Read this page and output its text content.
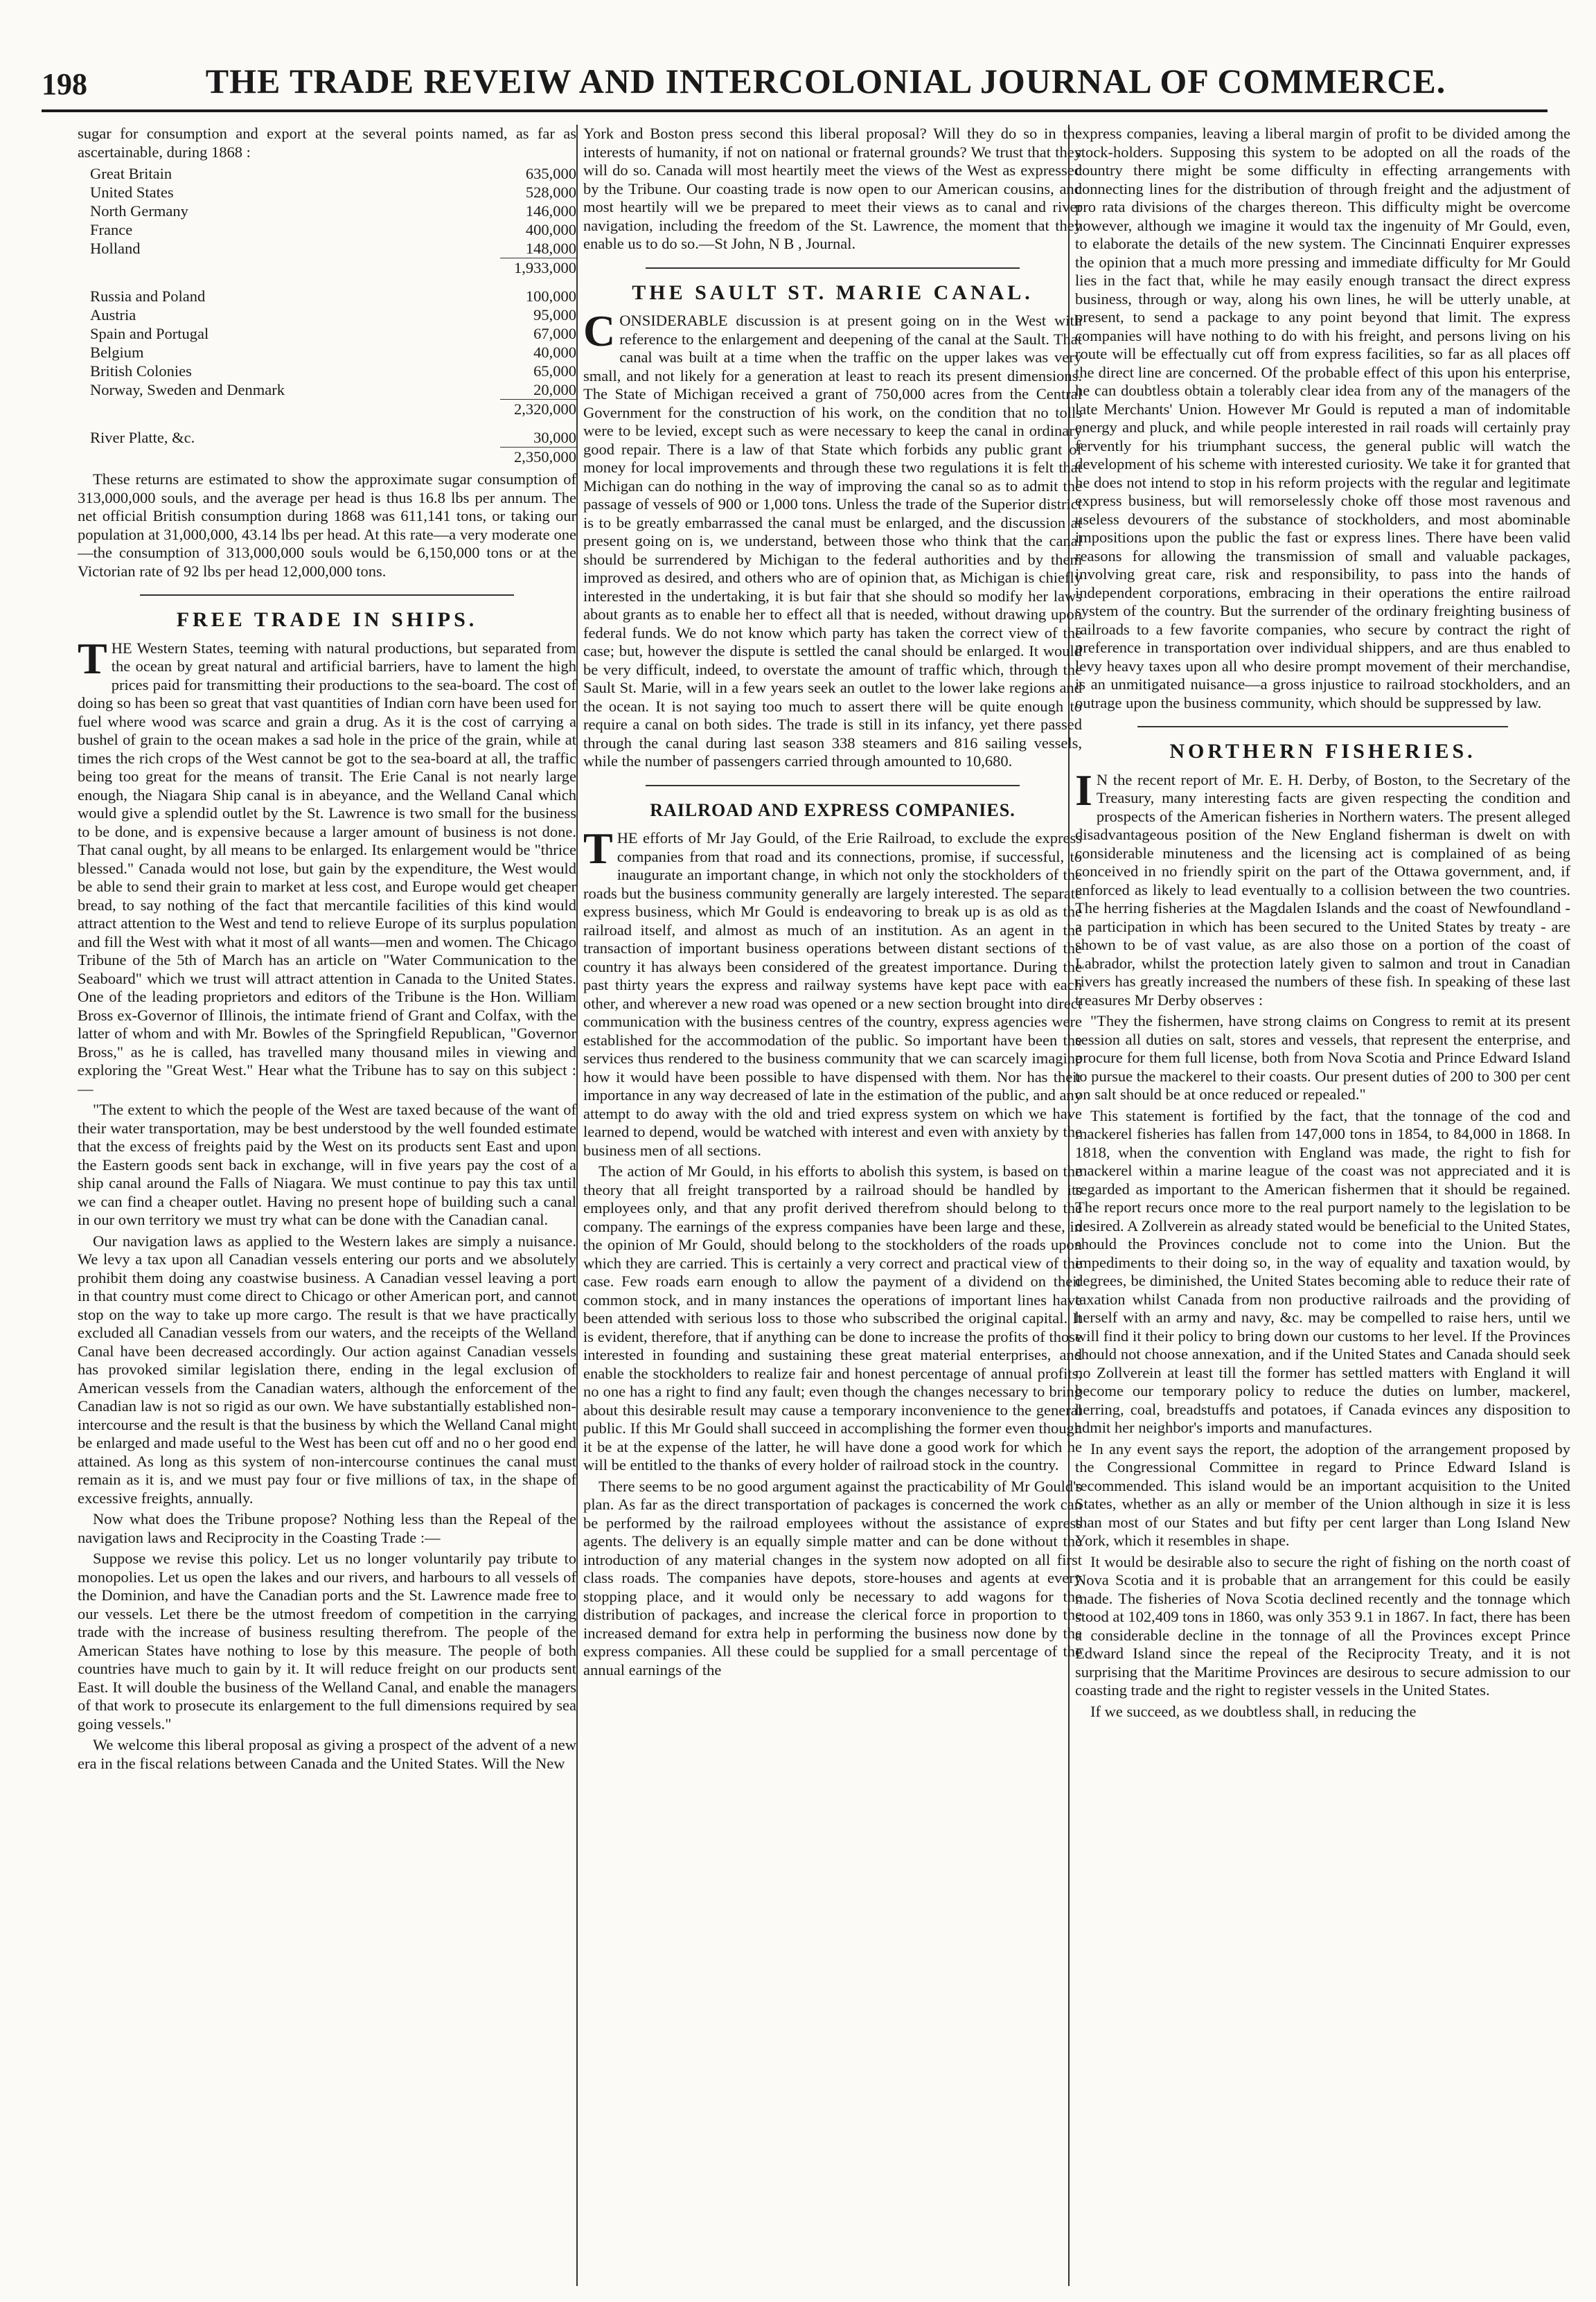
198	THE TRADE REVEIW AND INTERCOLONIAL JOURNAL OF COMMERCE.

sugar for consumption and export at the several points named, as far as ascertainable, during 1868 :

Great Britain	635,000
United States	528,000
North Germany	146,000
France	400,000
Holland	148,000
	1,933,000

Russia and Poland	100,000
Austria	95,000
Spain and Portugal	67,000
Belgium	40,000
British Colonies	65,000
Norway, Sweden and Denmark	20,000
	2,320,000

River Platte, &c.	30,000
	2,350,000

These returns are estimated to show the approximate sugar consumption of 313,000,000 souls, and the average per head is thus 16.8 lbs per annum. The net official British consumption during 1868 was 611,141 tons, or taking our population at 31,000,000, 43.14 lbs per head. At this rate—a very moderate one—the consumption of 313,000,000 souls would be 6,150,000 tons or at the Victorian rate of 92 lbs per head 12,000,000 tons.

FREE TRADE IN SHIPS.

THE Western States, teeming with natural productions, but separated from the ocean by great natural and artificial barriers, have to lament the high prices paid for transmitting their productions to the sea-board. The cost of doing so has been so great that vast quantities of Indian corn have been used for fuel where wood was scarce and grain a drug. As it is the cost of carrying a bushel of grain to the ocean makes a sad hole in the price of the grain, while at times the rich crops of the West cannot be got to the sea-board at all, the traffic being too great for the means of transit. The Erie Canal is not nearly large enough, the Niagara Ship canal is in abeyance, and the Welland Canal which would give a splendid outlet by the St. Lawrence is two small for the business to be done, and is expensive because a larger amount of business is not done. That canal ought, by all means to be enlarged. Its enlargement would be "thrice blessed." Canada would not lose, but gain by the expenditure, the West would be able to send their grain to market at less cost, and Europe would get cheaper bread, to say nothing of the fact that mercantile facilities of this kind would attract attention to the West and tend to relieve Europe of its surplus population and fill the West with what it most of all wants—men and women. The Chicago Tribune of the 5th of March has an article on "Water Communication to the Seaboard" which we trust will attract attention in Canada to the United States. One of the leading proprietors and editors of the Tribune is the Hon. William Bross ex-Governor of Illinois, the intimate friend of Grant and Colfax, with the latter of whom and with Mr. Bowles of the Springfield Republican, "Governor Bross," as he is called, has travelled many thousand miles in viewing and exploring the "Great West." Hear what the Tribune has to say on this subject :—

"The extent to which the people of the West are taxed because of the want of their water transportation, may be best understood by the well founded estimate that the excess of freights paid by the West on its products sent East and upon the Eastern goods sent back in exchange, will in five years pay the cost of a ship canal around the Falls of Niagara. We must continue to pay this tax until we can find a cheaper outlet. Having no present hope of building such a canal in our own territory we must try what can be done with the Canadian canal.

Our navigation laws as applied to the Western lakes are simply a nuisance. We levy a tax upon all Canadian vessels entering our ports and we absolutely prohibit them doing any coastwise business. A Canadian vessel leaving a port in that country must come direct to Chicago or other American port, and cannot stop on the way to take up more cargo. The result is that we have practically excluded all Canadian vessels from our waters, and the receipts of the Welland Canal have been decreased accordingly. Our action against Canadian vessels has provoked similar legislation there, ending in the legal exclusion of American vessels from the Canadian waters, although the enforcement of the Canadian law is not so rigid as our own. We have substantially established non-intercourse and the result is that the business by which the Welland Canal might be enlarged and made useful to the West has been cut off and no o her good end attained. As long as this system of non-intercourse continues the canal must remain as it is, and we must pay four or five millions of tax, in the shape of excessive freights, annually.

Now what does the Tribune propose? Nothing less than the Repeal of the navigation laws and Reciprocity in the Coasting Trade :—

Suppose we revise this policy. Let us no longer voluntarily pay tribute to monopolies. Let us open the lakes and our rivers, and harbours to all vessels of the Dominion, and have the Canadian ports and the St. Lawrence made free to our vessels. Let there be the utmost freedom of competition in the carrying trade with the increase of business resulting therefrom. The people of the American States have nothing to lose by this measure. The people of both countries have much to gain by it. It will reduce freight on our products sent East. It will double the business of the Welland Canal, and enable the managers of that work to prosecute its enlargement to the full dimensions required by sea going vessels."

We welcome this liberal proposal as giving a prospect of the advent of a new era in the fiscal relations between Canada and the United States. Will the New

York and Boston press second this liberal proposal? Will they do so in the interests of humanity, if not on national or fraternal grounds? We trust that they will do so. Canada will most heartily meet the views of the West as expressed by the Tribune. Our coasting trade is now open to our American cousins, and most heartily will we be prepared to meet their views as to canal and river navigation, including the freedom of the St. Lawrence, the moment that they enable us to do so.—St John, N B , Journal.

THE SAULT ST. MARIE CANAL.

CONSIDERABLE discussion is at present going on in the West with reference to the enlargement and deepening of the canal at the Sault. That canal was built at a time when the traffic on the upper lakes was very small, and not likely for a generation at least to reach its present dimensions. The State of Michigan received a grant of 750,000 acres from the Central Government for the construction of his work, on the condition that no tolls were to be levied, except such as were necessary to keep the canal in ordinary good repair. There is a law of that State which forbids any public grant of money for local improvements and through these two regulations it is felt that Michigan can do nothing in the way of improving the canal so as to admit the passage of vessels of 900 or 1,000 tons. Unless the trade of the Superior district is to be greatly embarrassed the canal must be enlarged, and the discussion at present going on is, we understand, between those who think that the canal should be surrendered by Michigan to the federal authorities and by them improved as desired, and others who are of opinion that, as Michigan is chiefly interested in the undertaking, it is but fair that she should so modify her laws about grants as to enable her to effect all that is needed, without drawing upon federal funds. We do not know which party has taken the correct view of the case; but, however the dispute is settled the canal should be enlarged. It would be very difficult, indeed, to overstate the amount of traffic which, through the Sault St. Marie, will in a few years seek an outlet to the lower lake regions and the ocean. It is not saying too much to assert there will be quite enough to require a canal on both sides. The trade is still in its infancy, yet there passed through the canal during last season 338 steamers and 816 sailing vessels, while the number of passengers carried through amounted to 10,680.

RAILROAD AND EXPRESS COMPANIES.

THE efforts of Mr Jay Gould, of the Erie Railroad, to exclude the express companies from that road and its connections, promise, if successful, to inaugurate an important change, in which not only the stockholders of the roads but the business community generally are largely interested. The separate express business, which Mr Gould is endeavoring to break up is as old as the railroad itself, and almost as much of an institution. As an agent in the transaction of important business operations between distant sections of the country it has always been considered of the greatest importance. During the past thirty years the express and railway systems have kept pace with each other, and wherever a new road was opened or a new section brought into direct communication with the business centres of the country, express agencies were established for the accommodation of the public. So important have been the services thus rendered to the business community that we can scarcely imagine how it would have been possible to have dispensed with them. Nor has their importance in any way decreased of late in the estimation of the public, and any attempt to do away with the old and tried express system on which we have learned to depend, would be watched with interest and even with anxiety by the business men of all sections.

The action of Mr Gould, in his efforts to abolish this system, is based on the theory that all freight transported by a railroad should be handled by its employees only, and that any profit derived therefrom should belong to the company. The earnings of the express companies have been large and these, in the opinion of Mr Gould, should belong to the stockholders of the roads upon which they are carried. This is certainly a very correct and practical view of the case. Few roads earn enough to allow the payment of a dividend on their common stock, and in many instances the operations of important lines have been attended with serious loss to those who subscribed the original capital. It is evident, therefore, that if anything can be done to increase the profits of those interested in founding and sustaining these great material enterprises, and enable the stockholders to realize fair and honest percentage of annual profits, no one has a right to find any fault; even though the changes necessary to bring about this desirable result may cause a temporary inconvenience to the general public. If this Mr Gould shall succeed in accomplishing the former even though it be at the expense of the latter, he will have done a good work for which he will be entitled to the thanks of every holder of railroad stock in the country.

There seems to be no good argument against the practicability of Mr Gould's plan. As far as the direct transportation of packages is concerned the work can be performed by the railroad employees without the assistance of express agents. The delivery is an equally simple matter and can be done without the introduction of any material changes in the system now adopted on all first class roads. The companies have depots, store-houses and agents at every stopping place, and it would only be necessary to add wagons for the distribution of packages, and increase the clerical force in proportion to the increased demand for extra help in performing the business now done by the express companies. All these could be supplied for a small percentage of the annual earnings of the

express companies, leaving a liberal margin of profit to be divided among the stock-holders. Supposing this system to be adopted on all the roads of the country there might be some difficulty in effecting arrangements with connecting lines for the distribution of through freight and the adjustment of pro rata divisions of the charges thereon. This difficulty might be overcome however, although we imagine it would tax the ingenuity of Mr Gould, even, to elaborate the details of the new system. The Cincinnati Enquirer expresses the opinion that a much more pressing and immediate difficulty for Mr Gould lies in the fact that, while he may easily enough transact the direct express business, through or way, along his own lines, he will be utterly unable, at present, to send a package to any point beyond that limit. The express companies will have nothing to do with his freight, and persons living on his route will be effectually cut off from express facilities, so far as all places off the direct line are concerned. Of the probable effect of this upon his enterprise, he can doubtless obtain a tolerably clear idea from any of the managers of the late Merchants' Union. However Mr Gould is reputed a man of indomitable energy and pluck, and while people interested in rail roads will certainly pray fervently for his triumphant success, the general public will watch the development of his scheme with interested curiosity. We take it for granted that he does not intend to stop in his reform projects with the regular and legitimate express business, but will remorselessly choke off those most ravenous and useless devourers of the substance of stockholders, and most abominable impositions upon the public the fast or express lines. There have been valid reasons for allowing the transmission of small and valuable packages, involving great care, risk and responsibility, to pass into the hands of independent corporations, embracing in their operations the entire railroad system of the country. But the surrender of the ordinary freighting business of railroads to a few favorite companies, who secure by contract the right of preference in transportation over individual shippers, and are thus enabled to levy heavy taxes upon all who desire prompt movement of their merchandise, is an unmitigated nuisance—a gross injustice to railroad stockholders, and an outrage upon the business community, which should be suppressed by law.

NORTHERN FISHERIES.

I N the recent report of Mr. E. H. Derby, of Boston, to the Secretary of the Treasury, many interesting facts are given respecting the condition and prospects of the American fisheries in Northern waters. The present alleged disadvantageous position of the New England fisherman is dwelt on with considerable minuteness and the licensing act is complained of as being conceived in no friendly spirit on the part of the Ottawa government, and, if enforced as likely to lead eventually to a collision between the two countries. The herring fisheries at the Magdalen Islands and the coast of Newfoundland - a participation in which has been secured to the United States by treaty - are shown to be of vast value, as are also those on a portion of the coast of Labrador, whilst the protection lately given to salmon and trout in Canadian rivers has greatly increased the numbers of these fish. In speaking of these last treasures Mr Derby observes :

"They the fishermen, have strong claims on Congress to remit at its present session all duties on salt, stores and vessels, that represent the enterprise, and procure for them full license, both from Nova Scotia and Prince Edward Island to pursue the mackerel to their coasts. Our present duties of 200 to 300 per cent on salt should be at once reduced or repealed."

This statement is fortified by the fact, that the tonnage of the cod and mackerel fisheries has fallen from 147,000 tons in 1854, to 84,000 in 1868. In 1818, when the convention with England was made, the right to fish for mackerel within a marine league of the coast was not appreciated and it is regarded as important to the American fishermen that it should be regained. The report recurs once more to the real purport namely to the legislation to be desired. A Zollverein as already stated would be beneficial to the United States, should the Provinces conclude not to come into the Union. But the impediments to their doing so, in the way of equality and taxation would, by degrees, be diminished, the United States becoming able to reduce their rate of taxation whilst Canada from non productive railroads and the providing of herself with an army and navy, &c. may be compelled to raise hers, until we will find it their policy to bring down our customs to her level. If the Provinces should not choose annexation, and if the United States and Canada should seek no Zollverein at least till the former has settled matters with England it will become our temporary policy to reduce the duties on lumber, mackerel, herring, coal, breadstuffs and potatoes, if Canada evinces any disposition to admit her neighbor's imports and manufactures.

In any event says the report, the adoption of the arrangement proposed by the Congressional Committee in regard to Prince Edward Island is recommended. This island would be an important acquisition to the United States, whether as an ally or member of the Union although in size it is less than most of our States and but fifty per cent larger than Long Island New York, which it resembles in shape.

It would be desirable also to secure the right of fishing on the north coast of Nova Scotia and it is probable that an arrangement for this could be easily made. The fisheries of Nova Scotia declined recently and the tonnage which stood at 102,409 tons in 1860, was only 353 9.1 in 1867. In fact, there has been a considerable decline in the tonnage of all the Provinces except Prince Edward Island since the repeal of the Reciprocity Treaty, and it is not surprising that the Maritime Provinces are desirous to secure admission to our coasting trade and the right to register vessels in the United States.

If we succeed, as we doubtless shall, in reducing the
